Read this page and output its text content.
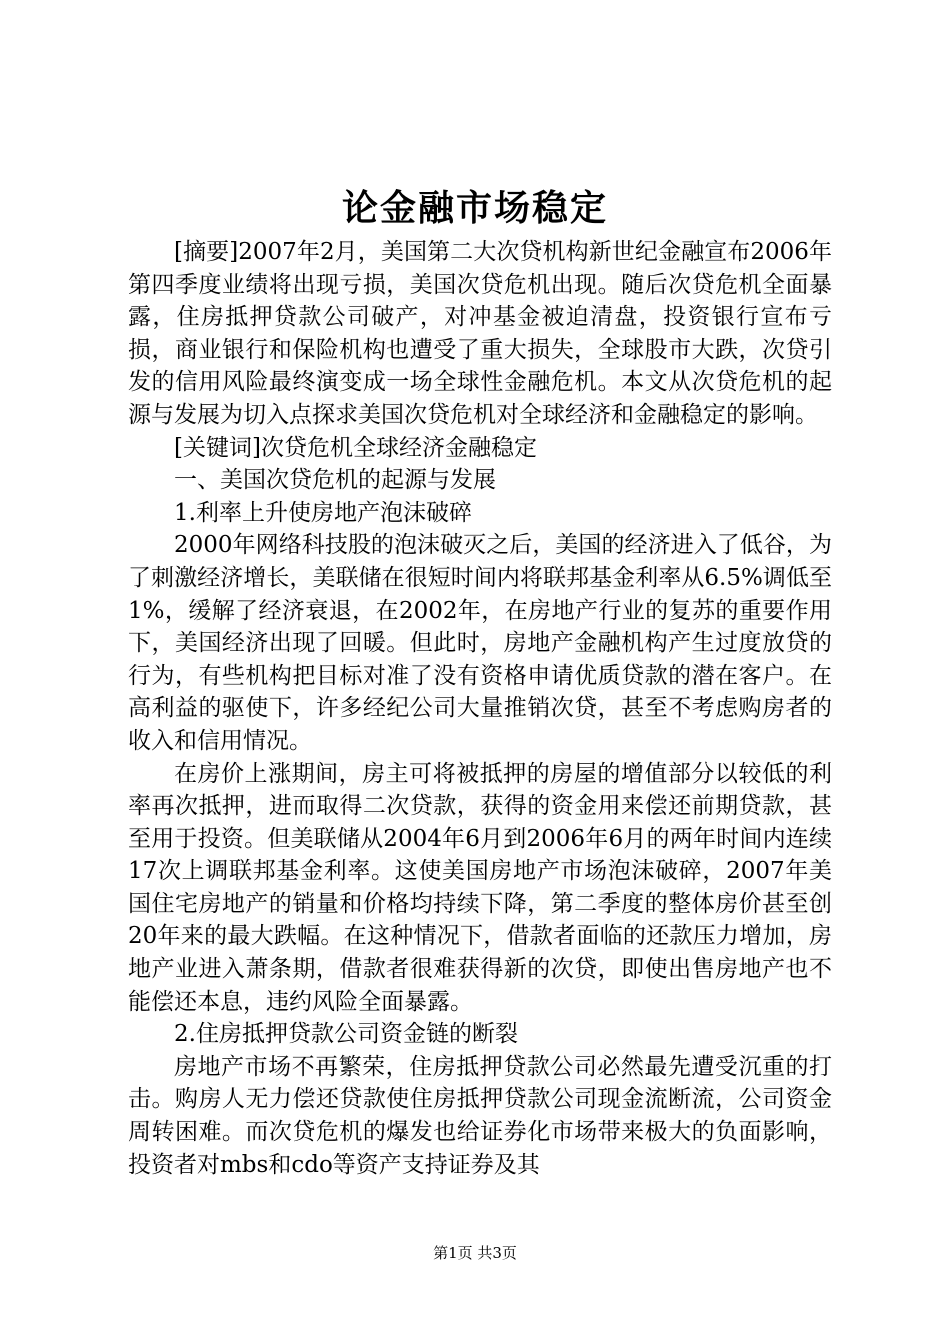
论金融市场稳定

[摘要]2007年2月，美国第二大次贷机构新世纪金融宣布2006年第四季度业绩将出现亏损，美国次贷危机出现。随后次贷危机全面暴露，住房抵押贷款公司破产，对冲基金被迫清盘，投资银行宣布亏损，商业银行和保险机构也遭受了重大损失，全球股市大跌，次贷引发的信用风险最终演变成一场全球性金融危机。本文从次贷危机的起源与发展为切入点探求美国次贷危机对全球经济和金融稳定的影响。

[关键词]次贷危机全球经济金融稳定

一、美国次贷危机的起源与发展

1.利率上升使房地产泡沫破碎

2000年网络科技股的泡沫破灭之后，美国的经济进入了低谷，为了刺激经济增长，美联储在很短时间内将联邦基金利率从6.5%调低至1%，缓解了经济衰退，在2002年，在房地产行业的复苏的重要作用下，美国经济出现了回暖。但此时，房地产金融机构产生过度放贷的行为，有些机构把目标对准了没有资格申请优质贷款的潜在客户。在高利益的驱使下，许多经纪公司大量推销次贷，甚至不考虑购房者的收入和信用情况。

在房价上涨期间，房主可将被抵押的房屋的增值部分以较低的利率再次抵押，进而取得二次贷款，获得的资金用来偿还前期贷款，甚至用于投资。但美联储从2004年6月到2006年6月的两年时间内连续17次上调联邦基金利率。这使美国房地产市场泡沫破碎，2007年美国住宅房地产的销量和价格均持续下降，第二季度的整体房价甚至创20年来的最大跌幅。在这种情况下，借款者面临的还款压力增加，房地产业进入萧条期，借款者很难获得新的次贷，即使出售房地产也不能偿还本息，违约风险全面暴露。

2.住房抵押贷款公司资金链的断裂

房地产市场不再繁荣，住房抵押贷款公司必然最先遭受沉重的打击。购房人无力偿还贷款使住房抵押贷款公司现金流断流，公司资金周转困难。而次贷危机的爆发也给证券化市场带来极大的负面影响，投资者对mbs和cdo等资产支持证券及其

第1页 共3页
